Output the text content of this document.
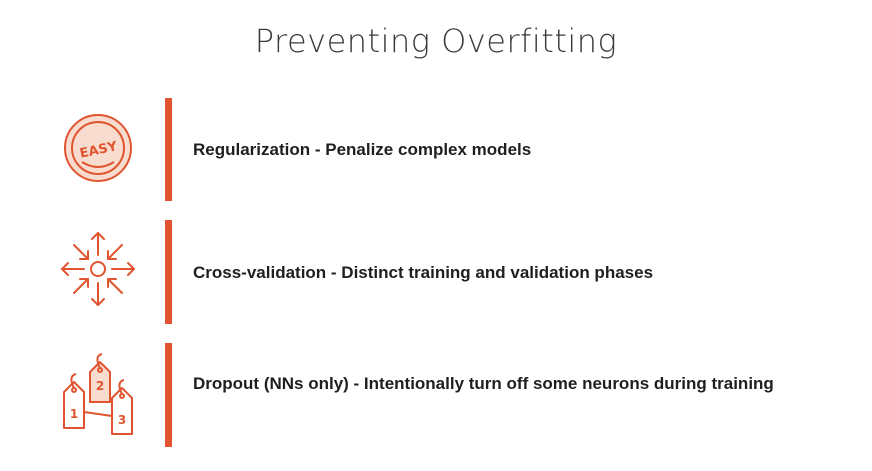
Preventing Overfitting
EASY	Regularization - Penalize complex models
Cross-validation - Distinct training and validation phases
1
2
3
Dropout (NNs only) - Intentionally turn off some neurons during training
